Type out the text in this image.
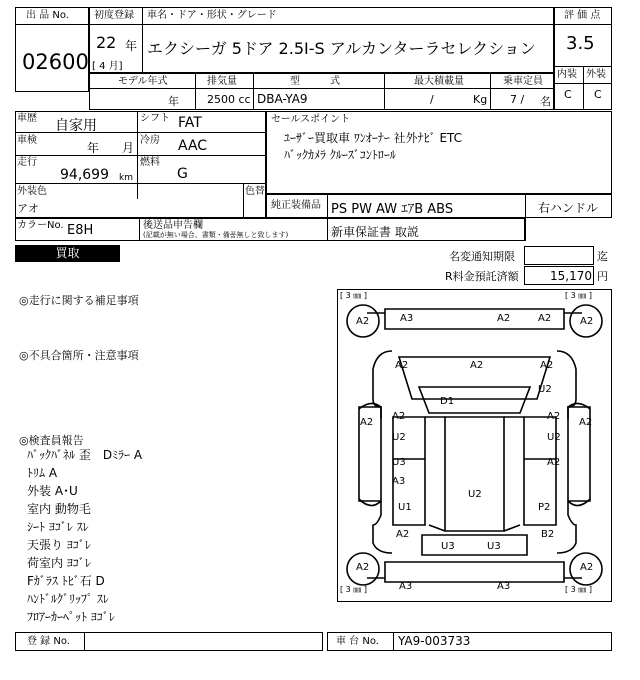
出 品 No.
02600
初度登録 車名・ドア・形状・グレード
22 年
[ 4 月]
エクシーガ 5ドア 2.5I-S アルカンターラセレクション
評 価 点
3.5
内装 外装
C C
モデル年式	排気量	型　　　式	最大積載量	乗車定員
年	2500 cc DBA-YA9	/	Kg 7 / 名
車歴 自家用	シフト FAT
車検
年 月
冷房 AAC
走行
94,699 km
燃料
G
外装色
アオ
色替
カラーNo. E8H	後送品申告欄
(記載が無い場合、書類・備품無しと致します)	新車保証書 取説
セールスポイント
ﾕｰｻﾞｰ買取車 ﾜﾝｵｰﾅｰ 社外ﾅﾋﾞ ETC
ﾊﾞｯｸｶﾒﾗ ｸﾙｰｽﾞｺﾝﾄﾛｰﾙ
純正装備品 PS PW AW ｴｱB ABS	右ハンドル
買取	名変通知期限	迄
R料金預託済額	15,170 円
◎走行に関する補足事項
◎不具合箇所・注意事項
◎検査員報告
ﾊﾞｯｸﾊﾞﾈﾙ 歪　Dﾐﾗｰ A
ﾄﾘﾑ A
外装 A･U
室内 動物毛
ｼｰﾄ ﾖｺﾞﾚ ｽﾚ
天張り ﾖｺﾞﾚ
荷室内 ﾖｺﾞﾚ
Fｶﾞﾗｽ ﾄﾋﾞ石 D
ﾊﾝﾄﾞﾙｸﾞﾘｯﾌﾟ ｽﾚ
ﾌﾛｱｰｶｰﾍﾟｯﾄ ﾖｺﾞﾚ
[ 3 ㎜ ]	[ 3 ㎜ ]
[ 3 ㎜ ]	[ 3 ㎜ ]
A2	A2
A3	A2	A2
A2	A2	A2
U2
D1
A2
A2
U2
A2
U2
A2
U3
A3
A2
U2
U1
A2
P2
B2
U3	U3
A2	A2
A3	A3
登 録 No.	車 台 No. YA9-003733
